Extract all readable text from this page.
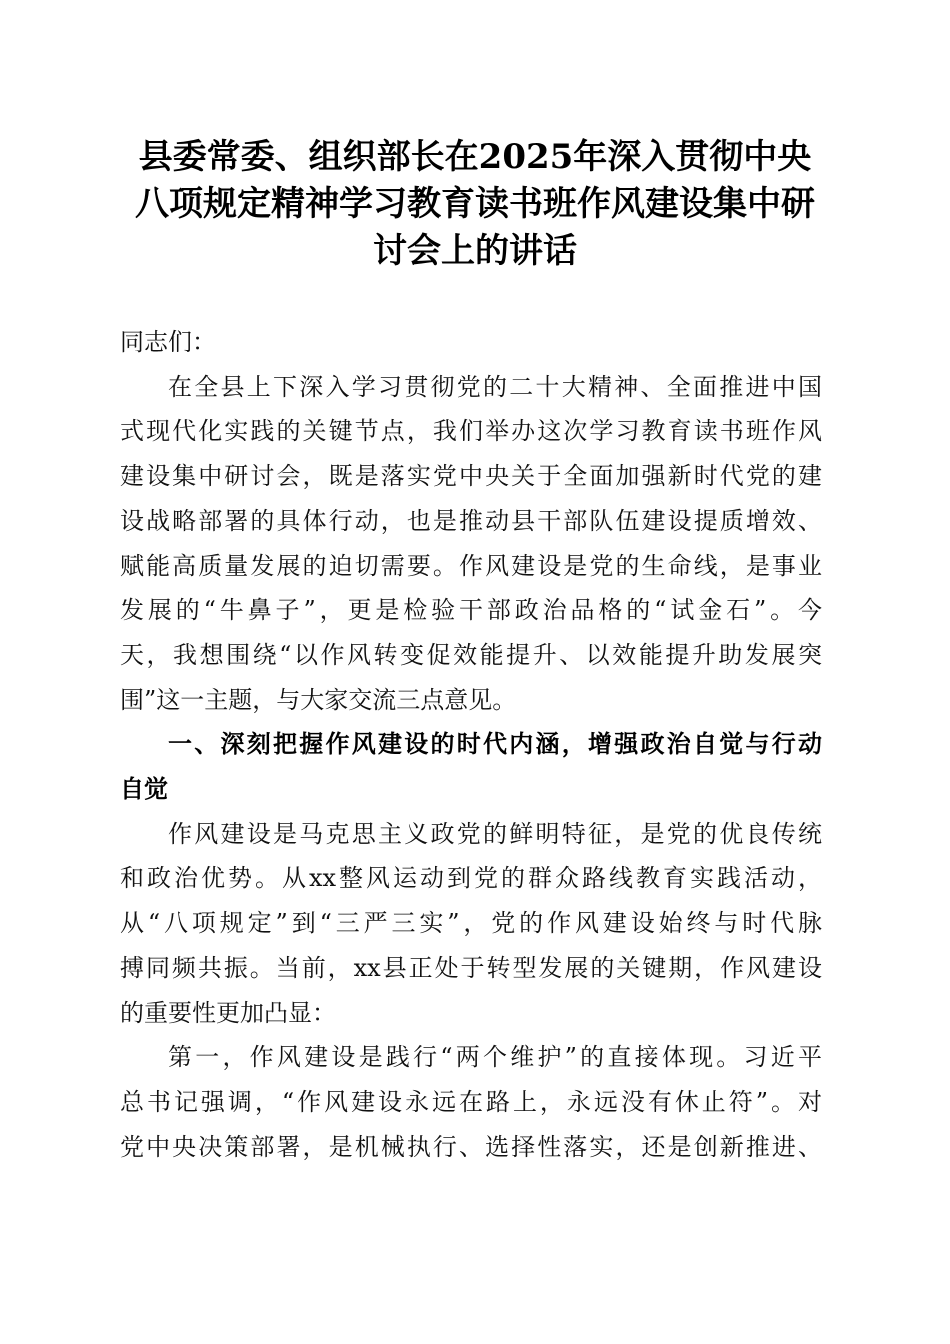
县委常委、组织部长在2025年深入贯彻中央
八项规定精神学习教育读书班作风建设集中研
讨会上的讲话
同志们：
在全县上下深入学习贯彻党的二十大精神、全面推进中国
式现代化实践的关键节点，我们举办这次学习教育读书班作风
建设集中研讨会，既是落实党中央关于全面加强新时代党的建
设战略部署的具体行动，也是推动县干部队伍建设提质增效、
赋能高质量发展的迫切需要。作风建设是党的生命线，是事业
发展的“牛鼻子”，更是检验干部政治品格的“试金石”。今
天，我想围绕“以作风转变促效能提升、以效能提升助发展突
围”这一主题，与大家交流三点意见。
一、深刻把握作风建设的时代内涵，增强政治自觉与行动
自觉
作风建设是马克思主义政党的鲜明特征，是党的优良传统
和政治优势。从xx整风运动到党的群众路线教育实践活动，
从“八项规定”到“三严三实”，党的作风建设始终与时代脉
搏同频共振。当前，xx县正处于转型发展的关键期，作风建设
的重要性更加凸显：
第一，作风建设是践行“两个维护”的直接体现。习近平
总书记强调，“作风建设永远在路上，永远没有休止符”。对
党中央决策部署，是机械执行、选择性落实，还是创新推进、
